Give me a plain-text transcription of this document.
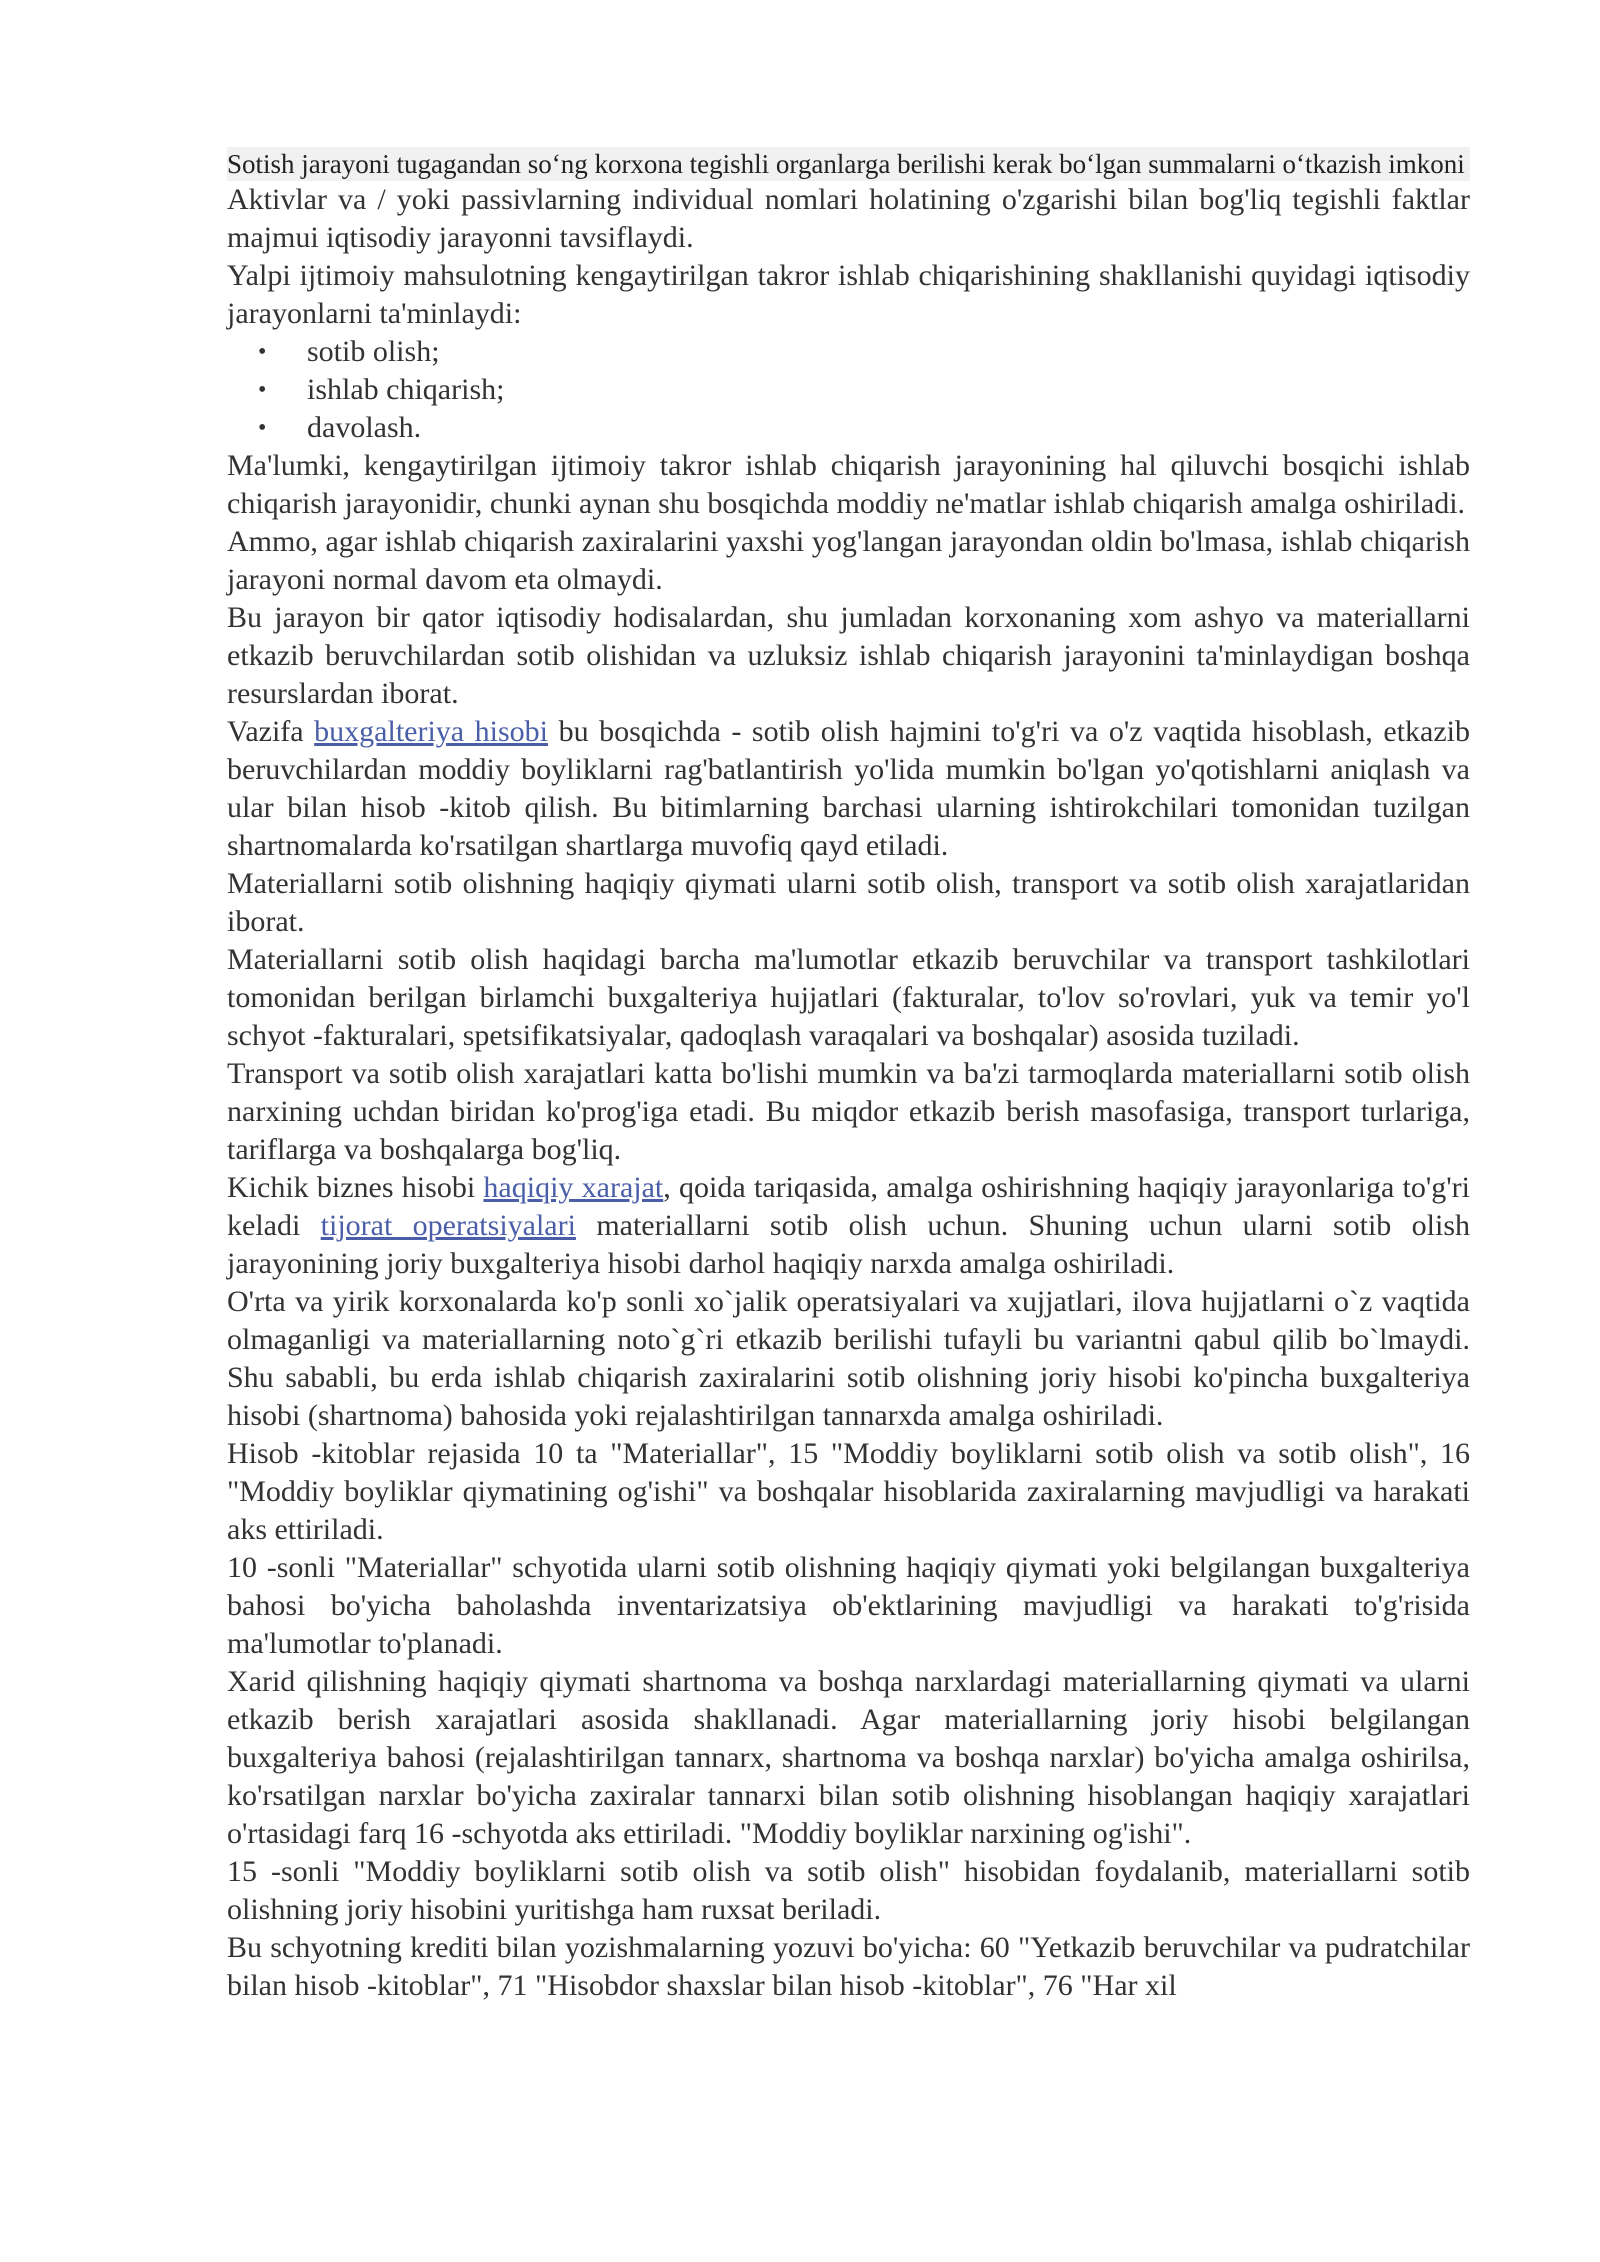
Sotish jarayoni tugagandan so‘ng korxona tegishli organlarga berilishi kerak bo‘lgan summalarni o‘tkazish imkoni

Aktivlar va / yoki passivlarning individual nomlari holatining o'zgarishi bilan bog'liq tegishli faktlar majmui iqtisodiy jarayonni tavsiflaydi.

Yalpi ijtimoiy mahsulotning kengaytirilgan takror ishlab chiqarishining shakllanishi quyidagi iqtisodiy jarayonlarni ta'minlaydi:

• sotib olish;
• ishlab chiqarish;
• davolash.

Ma'lumki, kengaytirilgan ijtimoiy takror ishlab chiqarish jarayonining hal qiluvchi bosqichi ishlab chiqarish jarayonidir, chunki aynan shu bosqichda moddiy ne'matlar ishlab chiqarish amalga oshiriladi.

Ammo, agar ishlab chiqarish zaxiralarini yaxshi yog'langan jarayondan oldin bo'lmasa, ishlab chiqarish jarayoni normal davom eta olmaydi.

Bu jarayon bir qator iqtisodiy hodisalardan, shu jumladan korxonaning xom ashyo va materiallarni etkazib beruvchilardan sotib olishidan va uzluksiz ishlab chiqarish jarayonini ta'minlaydigan boshqa resurslardan iborat.

Vazifa buxgalteriya hisobi bu bosqichda - sotib olish hajmini to'g'ri va o'z vaqtida hisoblash, etkazib beruvchilardan moddiy boyliklarni rag'batlantirish yo'lida mumkin bo'lgan yo'qotishlarni aniqlash va ular bilan hisob -kitob qilish. Bu bitimlarning barchasi ularning ishtirokchilari tomonidan tuzilgan shartnomalarda ko'rsatilgan shartlarga muvofiq qayd etiladi.

Materiallarni sotib olishning haqiqiy qiymati ularni sotib olish, transport va sotib olish xarajatlaridan iborat.

Materiallarni sotib olish haqidagi barcha ma'lumotlar etkazib beruvchilar va transport tashkilotlari tomonidan berilgan birlamchi buxgalteriya hujjatlari (fakturalar, to'lov so'rovlari, yuk va temir yo'l schyot -fakturalari, spetsifikatsiyalar, qadoqlash varaqalari va boshqalar) asosida tuziladi.

Transport va sotib olish xarajatlari katta bo'lishi mumkin va ba'zi tarmoqlarda materiallarni sotib olish narxining uchdan biridan ko'prog'iga etadi. Bu miqdor etkazib berish masofasiga, transport turlariga, tariflarga va boshqalarga bog'liq.

Kichik biznes hisobi haqiqiy xarajat, qoida tariqasida, amalga oshirishning haqiqiy jarayonlariga to'g'ri keladi tijorat operatsiyalari materiallarni sotib olish uchun. Shuning uchun ularni sotib olish jarayonining joriy buxgalteriya hisobi darhol haqiqiy narxda amalga oshiriladi.

O'rta va yirik korxonalarda ko'p sonli xo`jalik operatsiyalari va xujjatlari, ilova hujjatlarni o`z vaqtida olmaganligi va materiallarning noto`g`ri etkazib berilishi tufayli bu variantni qabul qilib bo`lmaydi. Shu sababli, bu erda ishlab chiqarish zaxiralarini sotib olishning joriy hisobi ko'pincha buxgalteriya hisobi (shartnoma) bahosida yoki rejalashtirilgan tannarxda amalga oshiriladi.

Hisob -kitoblar rejasida 10 ta "Materiallar", 15 "Moddiy boyliklarni sotib olish va sotib olish", 16 "Moddiy boyliklar qiymatining og'ishi" va boshqalar hisoblarida zaxiralarning mavjudligi va harakati aks ettiriladi.

10 -sonli "Materiallar" schyotida ularni sotib olishning haqiqiy qiymati yoki belgilangan buxgalteriya bahosi bo'yicha baholashda inventarizatsiya ob'ektlarining mavjudligi va harakati to'g'risida ma'lumotlar to'planadi.

Xarid qilishning haqiqiy qiymati shartnoma va boshqa narxlardagi materiallarning qiymati va ularni etkazib berish xarajatlari asosida shakllanadi. Agar materiallarning joriy hisobi belgilangan buxgalteriya bahosi (rejalashtirilgan tannarx, shartnoma va boshqa narxlar) bo'yicha amalga oshirilsa, ko'rsatilgan narxlar bo'yicha zaxiralar tannarxi bilan sotib olishning hisoblangan haqiqiy xarajatlari o'rtasidagi farq 16 -schyotda aks ettiriladi. "Moddiy boyliklar narxining og'ishi".

15 -sonli "Moddiy boyliklarni sotib olish va sotib olish" hisobidan foydalanib, materiallarni sotib olishning joriy hisobini yuritishga ham ruxsat beriladi.

Bu schyotning krediti bilan yozishmalarning yozuvi bo'yicha: 60 "Yetkazib beruvchilar va pudratchilar bilan hisob -kitoblar", 71 "Hisobdor shaxslar bilan hisob -kitoblar", 76 "Har xil
